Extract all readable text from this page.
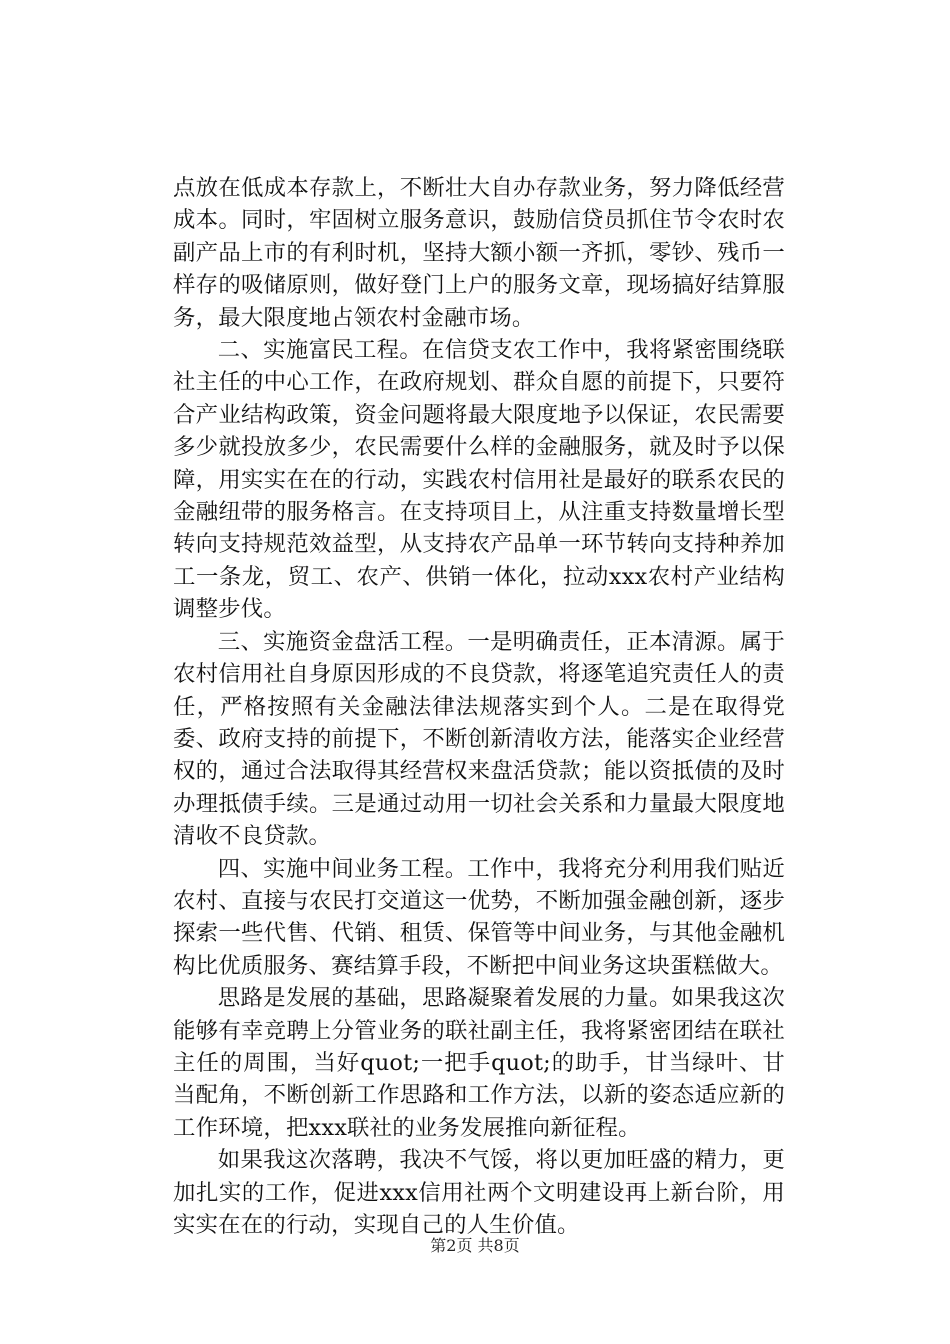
点放在低成本存款上，不断壮大自办存款业务，努力降低经营成本。同时，牢固树立服务意识，鼓励信贷员抓住节令农时农副产品上市的有利时机，坚持大额小额一齐抓，零钞、残币一样存的吸储原则，做好登门上户的服务文章，现场搞好结算服务，最大限度地占领农村金融市场。

二、实施富民工程。在信贷支农工作中，我将紧密围绕联社主任的中心工作，在政府规划、群众自愿的前提下，只要符合产业结构政策，资金问题将最大限度地予以保证，农民需要多少就投放多少，农民需要什么样的金融服务，就及时予以保障，用实实在在的行动，实践农村信用社是最好的联系农民的金融纽带的服务格言。在支持项目上，从注重支持数量增长型转向支持规范效益型，从支持农产品单一环节转向支持种养加工一条龙，贸工、农产、供销一体化，拉动xxx农村产业结构调整步伐。

三、实施资金盘活工程。一是明确责任，正本清源。属于农村信用社自身原因形成的不良贷款，将逐笔追究责任人的责任，严格按照有关金融法律法规落实到个人。二是在取得党委、政府支持的前提下，不断创新清收方法，能落实企业经营权的，通过合法取得其经营权来盘活贷款；能以资抵债的及时办理抵债手续。三是通过动用一切社会关系和力量最大限度地清收不良贷款。

四、实施中间业务工程。工作中，我将充分利用我们贴近农村、直接与农民打交道这一优势，不断加强金融创新，逐步探索一些代售、代销、租赁、保管等中间业务，与其他金融机构比优质服务、赛结算手段，不断把中间业务这块蛋糕做大。

思路是发展的基础，思路凝聚着发展的力量。如果我这次能够有幸竞聘上分管业务的联社副主任，我将紧密团结在联社主任的周围，当好quot;一把手quot;的助手，甘当绿叶、甘当配角，不断创新工作思路和工作方法，以新的姿态适应新的工作环境，把xxx联社的业务发展推向新征程。

如果我这次落聘，我决不气馁，将以更加旺盛的精力，更加扎实的工作，促进xxx信用社两个文明建设再上新台阶，用实实在在的行动，实现自己的人生价值。

第2页 共8页
